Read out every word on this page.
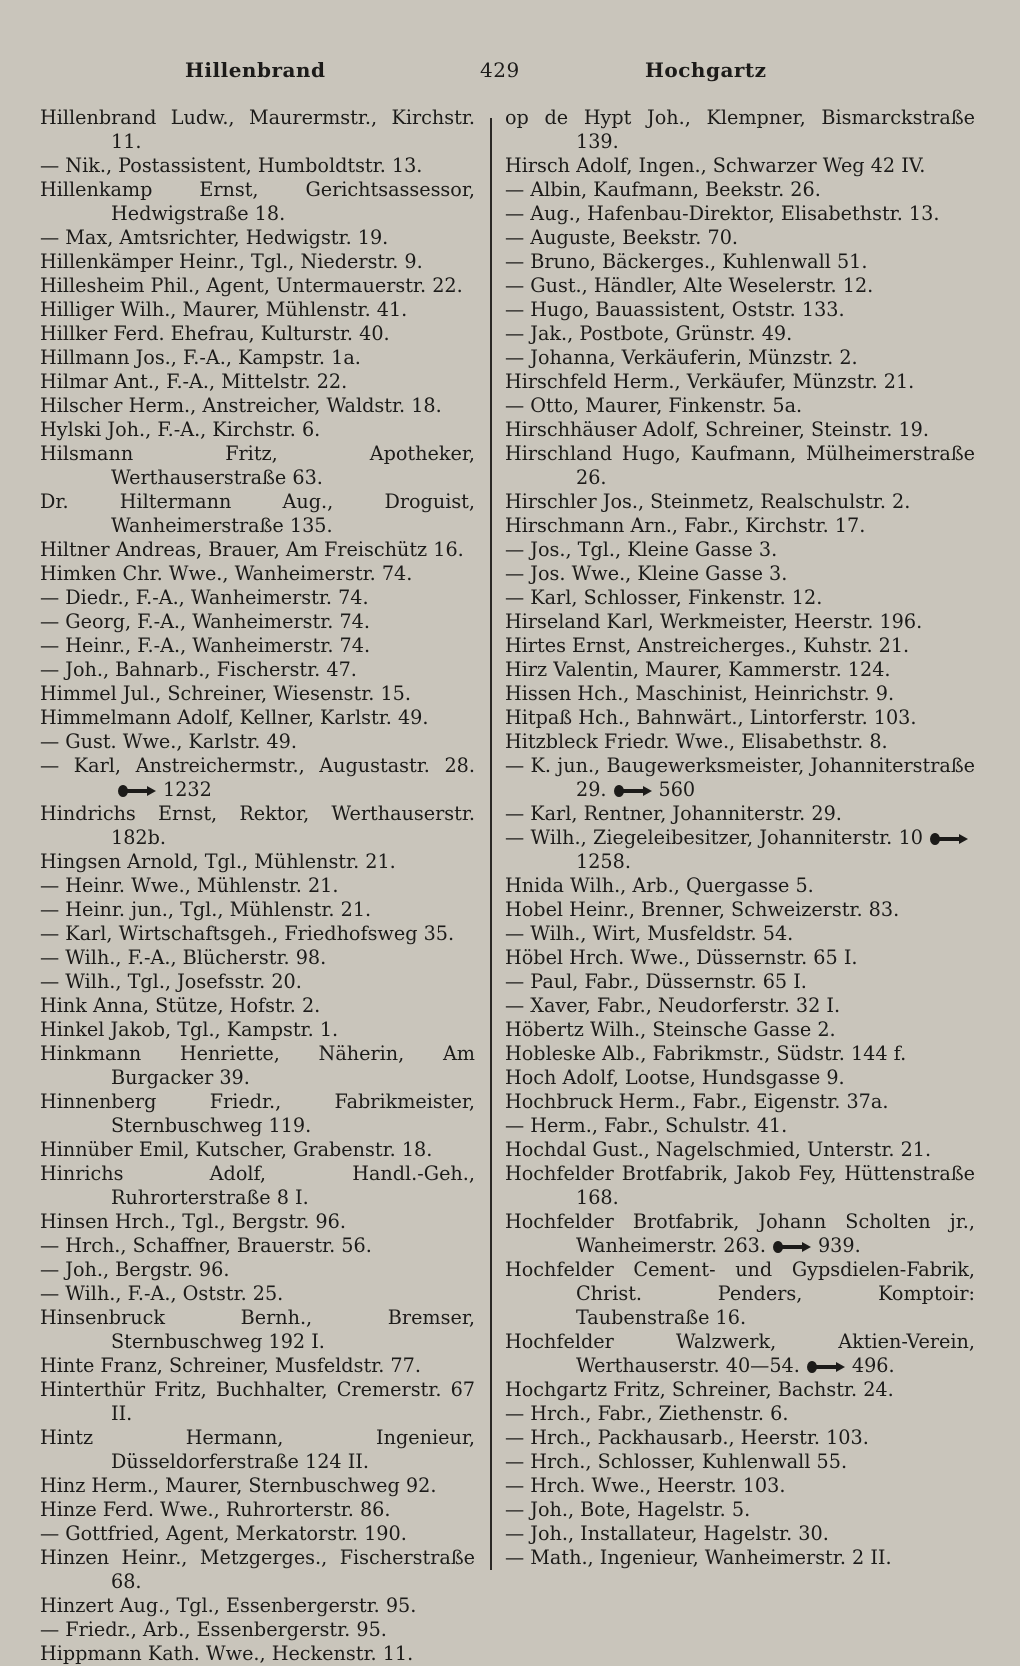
Hillenbrand	429	Hochgartz

Hillenbrand Ludw., Maurermstr., Kirchstr. 11.

— Nik., Postassistent, Humboldtstr. 13.

Hillenkamp Ernst, Gerichtsassessor, Hedwigstraße 18.

— Max, Amtsrichter, Hedwigstr. 19.

Hillenkämper Heinr., Tgl., Niederstr. 9.

Hillesheim Phil., Agent, Untermauerstr. 22.

Hilliger Wilh., Maurer, Mühlenstr. 41.

Hillker Ferd. Ehefrau, Kulturstr. 40.

Hillmann Jos., F.-A., Kampstr. 1a.

Hilmar Ant., F.-A., Mittelstr. 22.

Hilscher Herm., Anstreicher, Waldstr. 18.

Hylski Joh., F.-A., Kirchstr. 6.

Hilsmann Fritz, Apotheker, Werthauserstraße 63.

Dr. Hiltermann Aug., Droguist, Wanheimerstraße 135.

Hiltner Andreas, Brauer, Am Freischütz 16.

Himken Chr. Wwe., Wanheimerstr. 74.

— Diedr., F.-A., Wanheimerstr. 74.

— Georg, F.-A., Wanheimerstr. 74.

— Heinr., F.-A., Wanheimerstr. 74.

— Joh., Bahnarb., Fischerstr. 47.

Himmel Jul., Schreiner, Wiesenstr. 15.

Himmelmann Adolf, Kellner, Karlstr. 49.

— Gust. Wwe., Karlstr. 49.

— Karl, Anstreichermstr., Augustastr. 28.
1232

Hindrichs Ernst, Rektor, Werthauserstr. 182b.

Hingsen Arnold, Tgl., Mühlenstr. 21.

— Heinr. Wwe., Mühlenstr. 21.

— Heinr. jun., Tgl., Mühlenstr. 21.

— Karl, Wirtschaftsgeh., Friedhofsweg 35.

— Wilh., F.-A., Blücherstr. 98.

— Wilh., Tgl., Josefsstr. 20.

Hink Anna, Stütze, Hofstr. 2.

Hinkel Jakob, Tgl., Kampstr. 1.

Hinkmann Henriette, Näherin, Am Burgacker 39.

Hinnenberg Friedr., Fabrikmeister, Sternbuschweg 119.

Hinnüber Emil, Kutscher, Grabenstr. 18.

Hinrichs Adolf, Handl.-Geh., Ruhrorterstraße 8 I.

Hinsen Hrch., Tgl., Bergstr. 96.

— Hrch., Schaffner, Brauerstr. 56.

— Joh., Bergstr. 96.

— Wilh., F.-A., Oststr. 25.

Hinsenbruck Bernh., Bremser, Sternbuschweg 192 I.

Hinte Franz, Schreiner, Musfeldstr. 77.

Hinterthür Fritz, Buchhalter, Cremerstr. 67 II.

Hintz Hermann, Ingenieur, Düsseldorferstraße 124 II.

Hinz Herm., Maurer, Sternbuschweg 92.

Hinze Ferd. Wwe., Ruhrorterstr. 86.

— Gottfried, Agent, Merkatorstr. 190.

Hinzen Heinr., Metzgerges., Fischerstraße 68.

Hinzert Aug., Tgl., Essenbergerstr. 95.

— Friedr., Arb., Essenbergerstr. 95.

Hippmann Kath. Wwe., Heckenstr. 11.

op de Hypt Joh., Klempner, Bismarckstraße 139.

Hirsch Adolf, Ingen., Schwarzer Weg 42 IV.

— Albin, Kaufmann, Beekstr. 26.

— Aug., Hafenbau-Direktor, Elisabethstr. 13.

— Auguste, Beekstr. 70.

— Bruno, Bäckerges., Kuhlenwall 51.

— Gust., Händler, Alte Weselerstr. 12.

— Hugo, Bauassistent, Oststr. 133.

— Jak., Postbote, Grünstr. 49.

— Johanna, Verkäuferin, Münzstr. 2.

Hirschfeld Herm., Verkäufer, Münzstr. 21.

— Otto, Maurer, Finkenstr. 5a.

Hirschhäuser Adolf, Schreiner, Steinstr. 19.

Hirschland Hugo, Kaufmann, Mülheimerstraße 26.

Hirschler Jos., Steinmetz, Realschulstr. 2.

Hirschmann Arn., Fabr., Kirchstr. 17.

— Jos., Tgl., Kleine Gasse 3.

— Jos. Wwe., Kleine Gasse 3.

— Karl, Schlosser, Finkenstr. 12.

Hirseland Karl, Werkmeister, Heerstr. 196.

Hirtes Ernst, Anstreicherges., Kuhstr. 21.

Hirz Valentin, Maurer, Kammerstr. 124.

Hissen Hch., Maschinist, Heinrichstr. 9.

Hitpaß Hch., Bahnwärt., Lintorferstr. 103.

Hitzbleck Friedr. Wwe., Elisabethstr. 8.

— K. jun., Baugewerksmeister, Johanniterstraße 29.	560

— Karl, Rentner, Johanniterstr. 29.

— Wilh., Ziegeleibesitzer, Johanniterstr. 10
1258.

Hnida Wilh., Arb., Quergasse 5.

Hobel Heinr., Brenner, Schweizerstr. 83.

— Wilh., Wirt, Musfeldstr. 54.

Höbel Hrch. Wwe., Düssernstr. 65 I.

— Paul, Fabr., Düssernstr. 65 I.

— Xaver, Fabr., Neudorferstr. 32 I.

Höbertz Wilh., Steinsche Gasse 2.

Hobleske Alb., Fabrikmstr., Südstr. 144 f.

Hoch Adolf, Lootse, Hundsgasse 9.

Hochbruck Herm., Fabr., Eigenstr. 37a.

— Herm., Fabr., Schulstr. 41.

Hochdal Gust., Nagelschmied, Unterstr. 21.

Hochfelder Brotfabrik, Jakob Fey, Hüttenstraße 168.

Hochfelder Brotfabrik, Johann Scholten jr., Wanheimerstr. 263.	939.

Hochfelder Cement- und Gypsdielen-Fabrik, Christ. Penders, Komptoir: Taubenstraße 16.

Hochfelder Walzwerk, Aktien-Verein, Werthauserstr. 40—54.	496.

Hochgartz Fritz, Schreiner, Bachstr. 24.

— Hrch., Fabr., Ziethenstr. 6.

— Hrch., Packhausarb., Heerstr. 103.

— Hrch., Schlosser, Kuhlenwall 55.

— Hrch. Wwe., Heerstr. 103.

— Joh., Bote, Hagelstr. 5.

— Joh., Installateur, Hagelstr. 30.

— Math., Ingenieur, Wanheimerstr. 2 II.
